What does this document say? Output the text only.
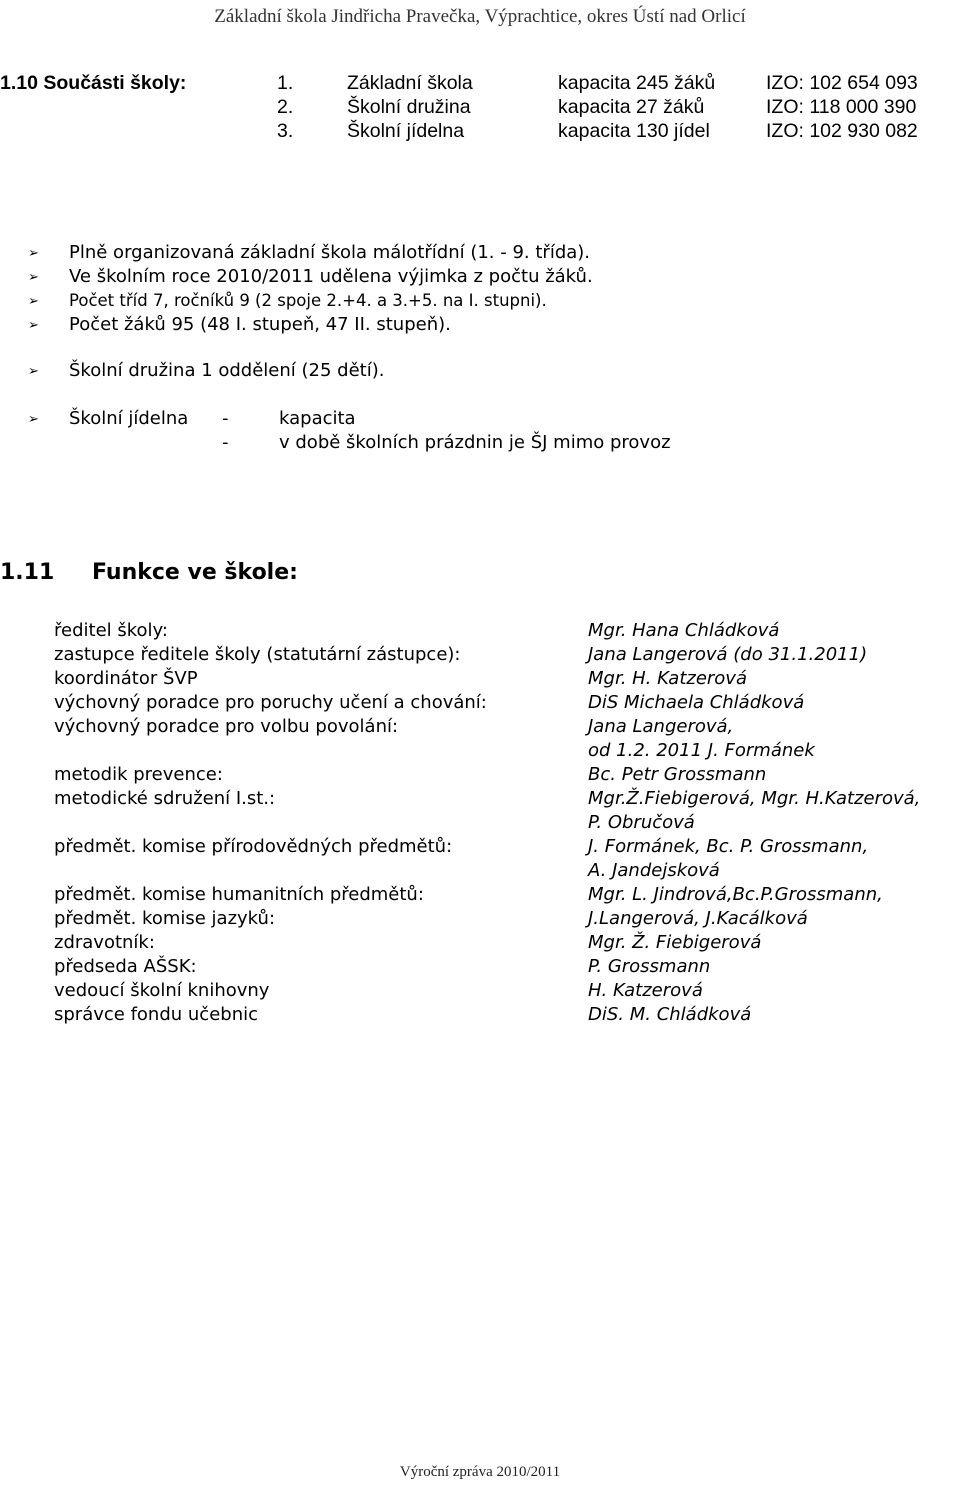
Základní škola Jindřicha Pravečka, Výprachtice, okres Ústí nad Orlicí
1.10 Součásti školy:	1.	Základní škola	kapacita 245 žáků	IZO: 102 654 093
2.	Školní družina	kapacita 27 žáků	IZO: 118 000 390
3.	Školní jídelna	kapacita 130 jídel	IZO: 102 930 082
➢ Plně organizovaná základní škola málotřídní (1. - 9. třída).
➢ Ve školním roce 2010/2011 udělena výjimka z počtu žáků.
➢ Počet tříd 7, ročníků 9 (2 spoje 2.+4. a 3.+5. na I. stupni).
➢ Počet žáků 95 (48 I. stupeň, 47 II. stupeň).
➢ Školní družina 1 oddělení (25 dětí).
➢ Školní jídelna -	kapacita
-	v době školních prázdnin je ŠJ mimo provoz
1.11 Funkce ve škole:
ředitel školy:	Mgr. Hana Chládková
zastupce ředitele školy (statutární zástupce):	Jana Langerová (do 31.1.2011)
koordinátor ŠVP	Mgr. H. Katzerová
výchovný poradce pro poruchy učení a chování:	DiS Michaela Chládková
výchovný poradce pro volbu povolání:	Jana Langerová,
od 1.2. 2011 J. Formánek
metodik prevence:	Bc. Petr Grossmann
metodické sdružení I.st.:	Mgr.Ž.Fiebigerová, Mgr. H.Katzerová,
P. Obručová
předmět. komise přírodovědných předmětů:	J. Formánek, Bc. P. Grossmann,
A. Jandejsková
předmět. komise humanitních předmětů:	Mgr. L. Jindrová,Bc.P.Grossmann,
předmět. komise jazyků:	J.Langerová, J.Kacálková
zdravotník:	Mgr. Ž. Fiebigerová
předseda AŠSK:	P. Grossmann
vedoucí školní knihovny	H. Katzerová
správce fondu učebnic	DiS. M. Chládková
Výroční zpráva 2010/2011
